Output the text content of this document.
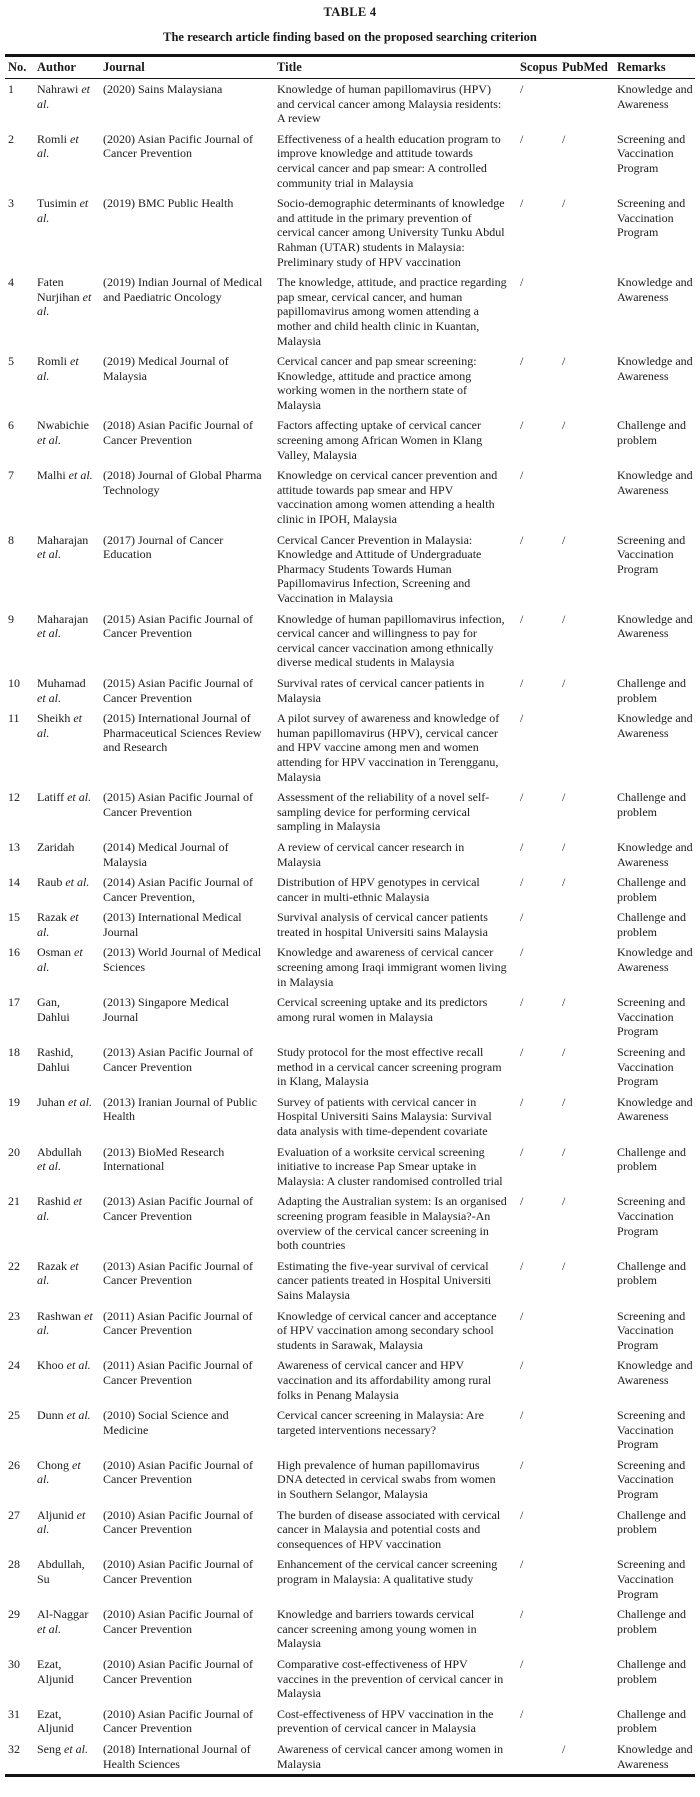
TABLE 4
The research article finding based on the proposed searching criterion
No.	Author	Journal	Title	Scopus	PubMed	Remarks
1	Nahrawi et al.	(2020) Sains Malaysiana	Knowledge of human papillomavirus (HPV) and cervical cancer among Malaysia residents: A review	/		Knowledge and Awareness
2	Romli et al.	(2020) Asian Pacific Journal of Cancer Prevention	Effectiveness of a health education program to improve knowledge and attitude towards cervical cancer and pap smear: A controlled community trial in Malaysia	/	/	Screening and Vaccination Program
3	Tusimin et al.	(2019) BMC Public Health	Socio-demographic determinants of knowledge and attitude in the primary prevention of cervical cancer among University Tunku Abdul Rahman (UTAR) students in Malaysia: Preliminary study of HPV vaccination	/	/	Screening and Vaccination Program
4	Faten Nurjihan et al.	(2019) Indian Journal of Medical and Paediatric Oncology	The knowledge, attitude, and practice regarding pap smear, cervical cancer, and human papillomavirus among women attending a mother and child health clinic in Kuantan, Malaysia	/		Knowledge and Awareness
5	Romli et al.	(2019) Medical Journal of Malaysia	Cervical cancer and pap smear screening: Knowledge, attitude and practice among working women in the northern state of Malaysia	/	/	Knowledge and Awareness
6	Nwabichie et al.	(2018) Asian Pacific Journal of Cancer Prevention	Factors affecting uptake of cervical cancer screening among African Women in Klang Valley, Malaysia	/	/	Challenge and problem
7	Malhi et al.	(2018) Journal of Global Pharma Technology	Knowledge on cervical cancer prevention and attitude towards pap smear and HPV vaccination among women attending a health clinic in IPOH, Malaysia	/		Knowledge and Awareness
8	Maharajan et al.	(2017) Journal of Cancer Education	Cervical Cancer Prevention in Malaysia: Knowledge and Attitude of Undergraduate Pharmacy Students Towards Human Papillomavirus Infection, Screening and Vaccination in Malaysia	/	/	Screening and Vaccination Program
9	Maharajan et al.	(2015) Asian Pacific Journal of Cancer Prevention	Knowledge of human papillomavirus infection, cervical cancer and willingness to pay for cervical cancer vaccination among ethnically diverse medical students in Malaysia	/	/	Knowledge and Awareness
10	Muhamad et al.	(2015) Asian Pacific Journal of Cancer Prevention	Survival rates of cervical cancer patients in Malaysia	/	/	Challenge and problem
11	Sheikh et al.	(2015) International Journal of Pharmaceutical Sciences Review and Research	A pilot survey of awareness and knowledge of human papillomavirus (HPV), cervical cancer and HPV vaccine among men and women attending for HPV vaccination in Terengganu, Malaysia	/		Knowledge and Awareness
12	Latiff et al.	(2015) Asian Pacific Journal of Cancer Prevention	Assessment of the reliability of a novel self-sampling device for performing cervical sampling in Malaysia	/	/	Challenge and problem
13	Zaridah	(2014) Medical Journal of Malaysia	A review of cervical cancer research in Malaysia	/	/	Knowledge and Awareness
14	Raub et al.	(2014) Asian Pacific Journal of Cancer Prevention,	Distribution of HPV genotypes in cervical cancer in multi-ethnic Malaysia	/	/	Challenge and problem
15	Razak et al.	(2013) International Medical Journal	Survival analysis of cervical cancer patients treated in hospital Universiti sains Malaysia	/		Challenge and problem
16	Osman et al.	(2013) World Journal of Medical Sciences	Knowledge and awareness of cervical cancer screening among Iraqi immigrant women living in Malaysia	/		Knowledge and Awareness
17	Gan, Dahlui	(2013) Singapore Medical Journal	Cervical screening uptake and its predictors among rural women in Malaysia	/	/	Screening and Vaccination Program
18	Rashid, Dahlui	(2013) Asian Pacific Journal of Cancer Prevention	Study protocol for the most effective recall method in a cervical cancer screening program in Klang, Malaysia	/	/	Screening and Vaccination Program
19	Juhan et al.	(2013) Iranian Journal of Public Health	Survey of patients with cervical cancer in Hospital Universiti Sains Malaysia: Survival data analysis with time-dependent covariate	/	/	Knowledge and Awareness
20	Abdullah et al.	(2013) BioMed Research International	Evaluation of a worksite cervical screening initiative to increase Pap Smear uptake in Malaysia: A cluster randomised controlled trial	/	/	Challenge and problem
21	Rashid et al.	(2013) Asian Pacific Journal of Cancer Prevention	Adapting the Australian system: Is an organised screening program feasible in Malaysia?-An overview of the cervical cancer screening in both countries	/	/	Screening and Vaccination Program
22	Razak et al.	(2013) Asian Pacific Journal of Cancer Prevention	Estimating the five-year survival of cervical cancer patients treated in Hospital Universiti Sains Malaysia	/	/	Challenge and problem
23	Rashwan et al.	(2011) Asian Pacific Journal of Cancer Prevention	Knowledge of cervical cancer and acceptance of HPV vaccination among secondary school students in Sarawak, Malaysia	/		Screening and Vaccination Program
24	Khoo et al.	(2011) Asian Pacific Journal of Cancer Prevention	Awareness of cervical cancer and HPV vaccination and its affordability among rural folks in Penang Malaysia	/		Knowledge and Awareness
25	Dunn et al.	(2010) Social Science and Medicine	Cervical cancer screening in Malaysia: Are targeted interventions necessary?	/		Screening and Vaccination Program
26	Chong et al.	(2010) Asian Pacific Journal of Cancer Prevention	High prevalence of human papillomavirus DNA detected in cervical swabs from women in Southern Selangor, Malaysia	/		Screening and Vaccination Program
27	Aljunid et al.	(2010) Asian Pacific Journal of Cancer Prevention	The burden of disease associated with cervical cancer in Malaysia and potential costs and consequences of HPV vaccination	/		Challenge and problem
28	Abdullah, Su	(2010) Asian Pacific Journal of Cancer Prevention	Enhancement of the cervical cancer screening program in Malaysia: A qualitative study	/		Screening and Vaccination Program
29	Al-Naggar et al.	(2010) Asian Pacific Journal of Cancer Prevention	Knowledge and barriers towards cervical cancer screening among young women in Malaysia	/		Challenge and problem
30	Ezat, Aljunid	(2010) Asian Pacific Journal of Cancer Prevention	Comparative cost-effectiveness of HPV vaccines in the prevention of cervical cancer in Malaysia	/		Challenge and problem
31	Ezat, Aljunid	(2010) Asian Pacific Journal of Cancer Prevention	Cost-effectiveness of HPV vaccination in the prevention of cervical cancer in Malaysia	/		Challenge and problem
32	Seng et al.	(2018) International Journal of Health Sciences	Awareness of cervical cancer among women in Malaysia		/	Knowledge and Awareness
